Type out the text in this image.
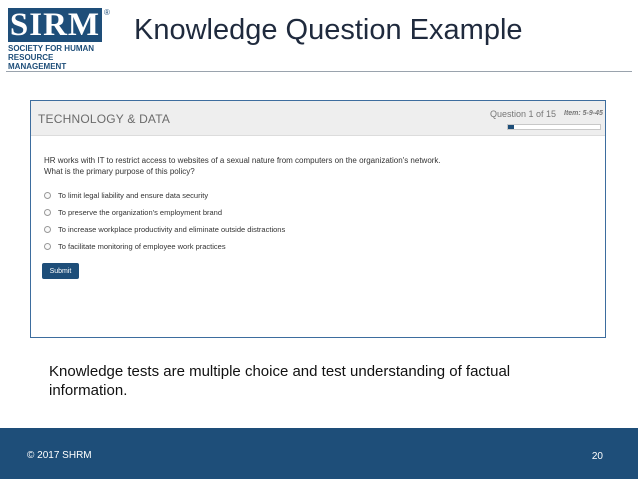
SIRM ®
SOCIETY FOR HUMAN
RESOURCE MANAGEMENT
Knowledge Question Example
TECHNOLOGY & DATA	Question 1 of 15 Item: 5-9-45
HR works with IT to restrict access to websites of a sexual nature from computers on the organization's network.
What is the primary purpose of this policy?
To limit legal liability and ensure data security
To preserve the organization's employment brand
To increase workplace productivity and eliminate outside distractions
To facilitate monitoring of employee work practices
Submit
Knowledge tests are multiple choice and test understanding of factual information.
© 2017 SHRM	20
